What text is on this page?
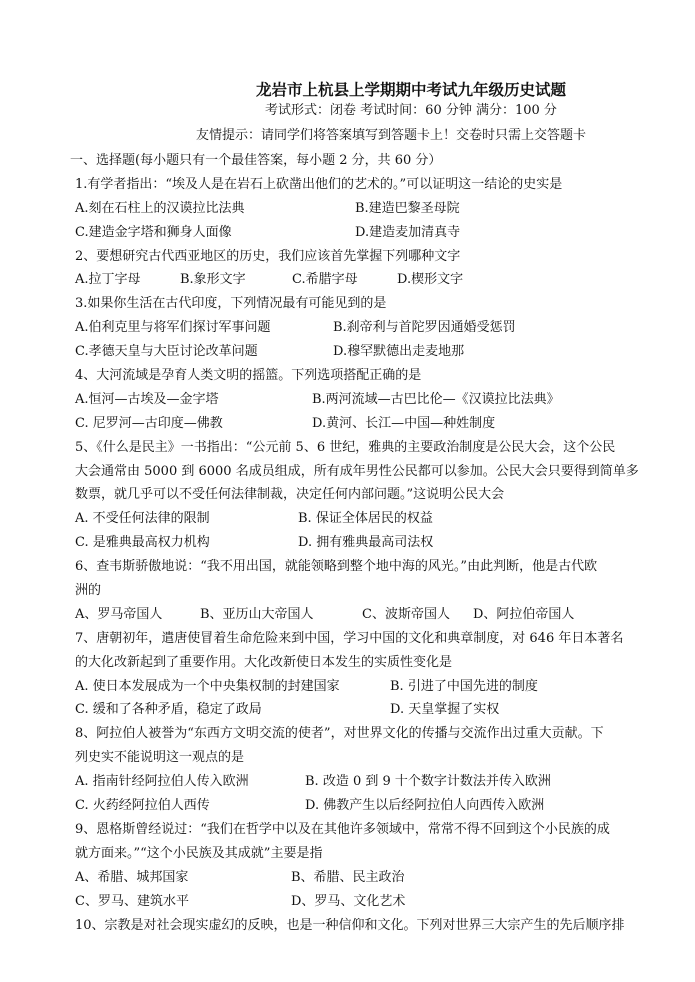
龙岩市上杭县上学期期中考试九年级历史试题
考试形式：闭卷 考试时间：60 分钟 满分：100 分
友情提示：请同学们将答案填写到答题卡上！交卷时只需上交答题卡
一、选择题(每小题只有一个最佳答案，每小题 2 分，共 60 分）
1.有学者指出：“埃及人是在岩石上砍凿出他们的艺术的。”可以证明这一结论的史实是
A.刻在石柱上的汉谟拉比法典	B.建造巴黎圣母院
C.建造金字塔和狮身人面像	D.建造麦加清真寺
2、要想研究古代西亚地区的历史，我们应该首先掌握下列哪种文字
A.拉丁字母	B.象形文字	C.希腊字母	D.楔形文字
3.如果你生活在古代印度，下列情况最有可能见到的是
A.伯利克里与将军们探讨军事问题	B.刹帝利与首陀罗因通婚受惩罚
C.孝德天皇与大臣讨论改革问题	D.穆罕默德出走麦地那
4、大河流域是孕育人类文明的摇篮。下列选项搭配正确的是
A.恒河—古埃及—金字塔	B.两河流域—古巴比伦—《汉谟拉比法典》
C. 尼罗河—古印度—佛教	D.黄河、长江—中国—种姓制度
5、《什么是民主》一书指出：“公元前 5、6 世纪，雅典的主要政治制度是公民大会，这个公民
大会通常由 5000 到 6000 名成员组成，所有成年男性公民都可以参加。公民大会只要得到简单多
数票，就几乎可以不受任何法律制裁，决定任何内部问题。”这说明公民大会
A. 不受任何法律的限制	B. 保证全体居民的权益
C. 是雅典最高权力机构	D. 拥有雅典最高司法权
6、查韦斯骄傲地说：“我不用出国，就能领略到整个地中海的风光。”由此判断，他是古代欧
洲的
A、罗马帝国人	B、亚历山大帝国人	C、波斯帝国人 D、阿拉伯帝国人
7、唐朝初年，遣唐使冒着生命危险来到中国，学习中国的文化和典章制度，对 646 年日本著名
的大化改新起到了重要作用。大化改新使日本发生的实质性变化是
A. 使日本发展成为一个中央集权制的封建国家	B. 引进了中国先进的制度
C. 缓和了各种矛盾，稳定了政局	D. 天皇掌握了实权
8、阿拉伯人被誉为“东西方文明交流的使者”，对世界文化的传播与交流作出过重大贡献。下
列史实不能说明这一观点的是
A. 指南针经阿拉伯人传入欧洲	B. 改造 0 到 9 十个数字计数法并传入欧洲
C. 火药经阿拉伯人西传	D. 佛教产生以后经阿拉伯人向西传入欧洲
9、恩格斯曾经说过：“我们在哲学中以及在其他许多领域中，常常不得不回到这个小民族的成
就方面来。”“这个小民族及其成就”主要是指
A、希腊、城邦国家	B、希腊、民主政治
C、罗马、建筑水平	D、罗马、文化艺术
10、宗教是对社会现实虚幻的反映，也是一种信仰和文化。下列对世界三大宗产生的先后顺序排
